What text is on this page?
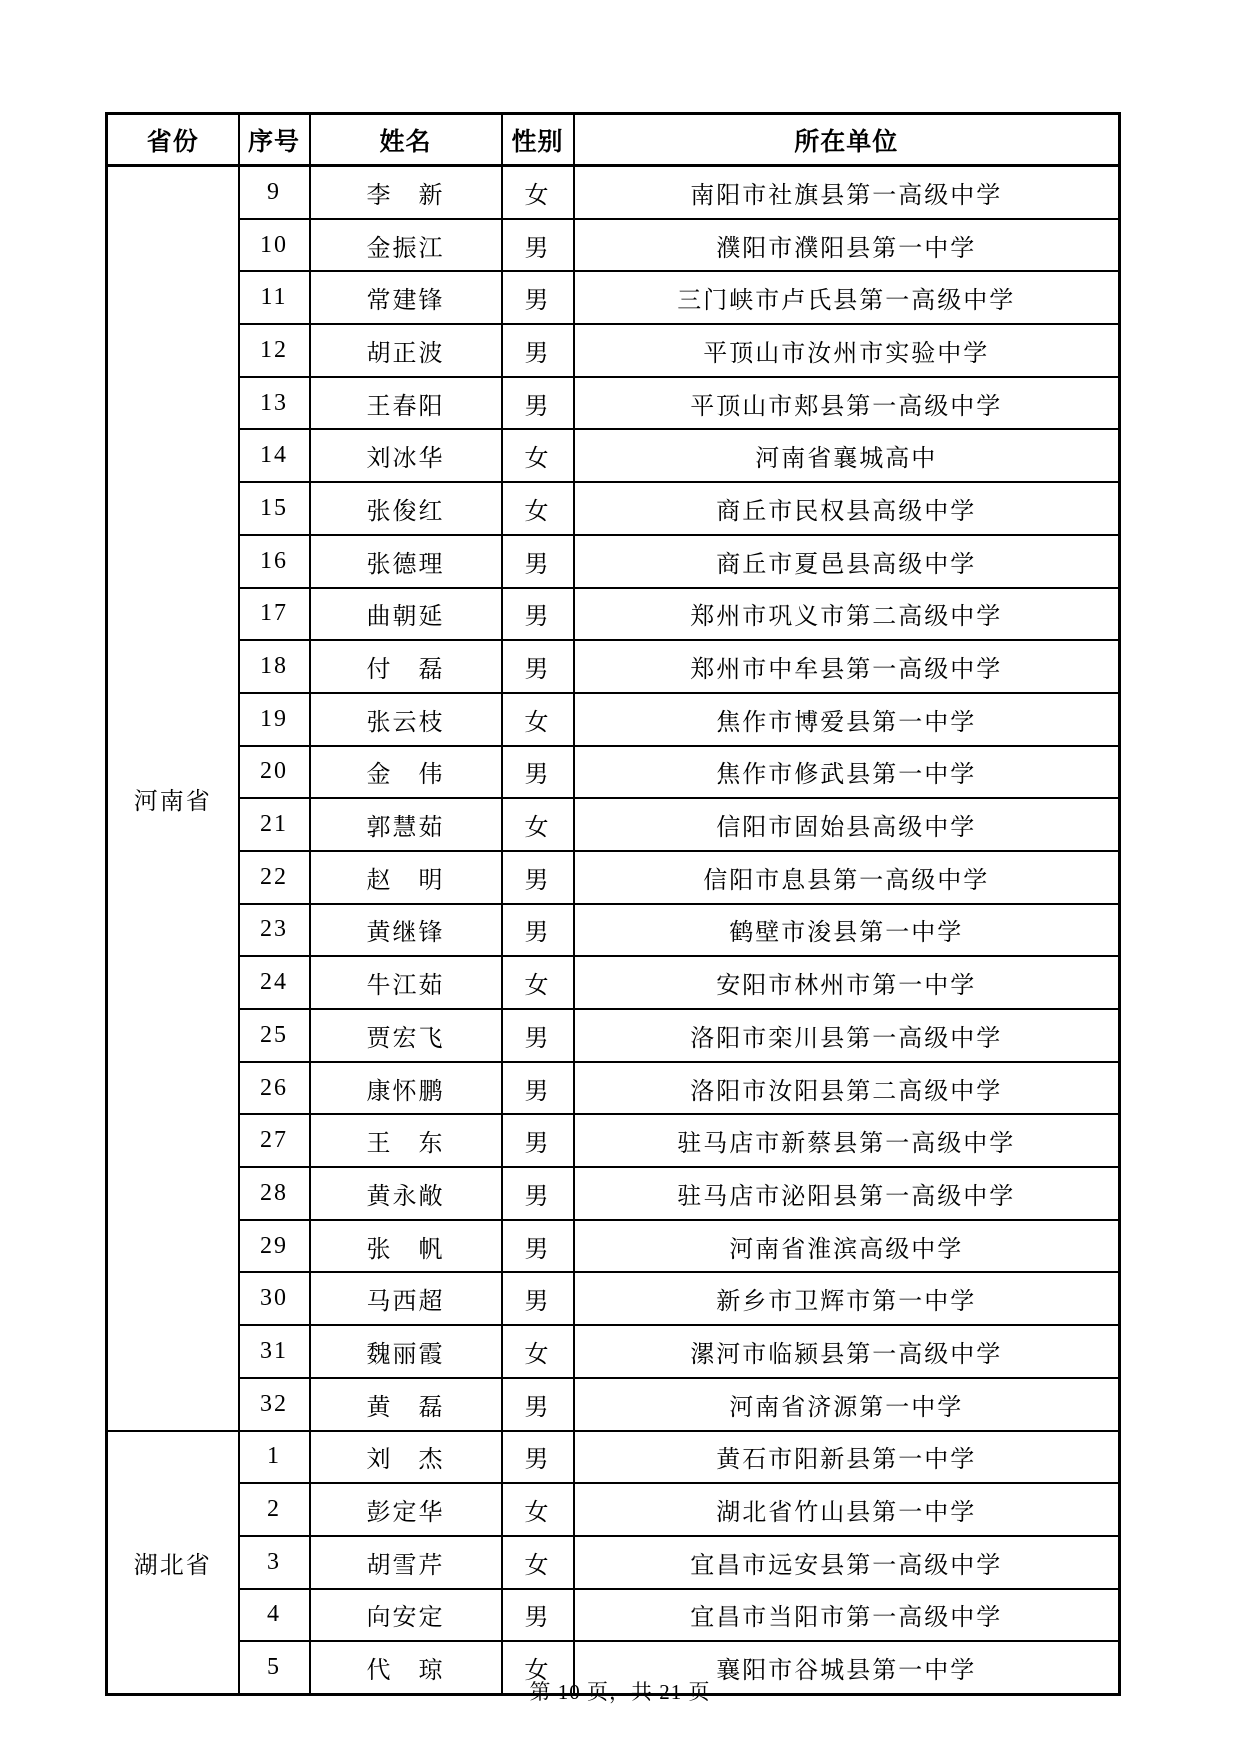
省份	序号	姓名	性别	所在单位
河南省	9	李　新	女	南阳市社旗县第一高级中学
	10	金振江	男	濮阳市濮阳县第一中学
	11	常建锋	男	三门峡市卢氏县第一高级中学
	12	胡正波	男	平顶山市汝州市实验中学
	13	王春阳	男	平顶山市郏县第一高级中学
	14	刘冰华	女	河南省襄城高中
	15	张俊红	女	商丘市民权县高级中学
	16	张德理	男	商丘市夏邑县高级中学
	17	曲朝延	男	郑州市巩义市第二高级中学
	18	付　磊	男	郑州市中牟县第一高级中学
	19	张云枝	女	焦作市博爱县第一中学
	20	金　伟	男	焦作市修武县第一中学
	21	郭慧茹	女	信阳市固始县高级中学
	22	赵　明	男	信阳市息县第一高级中学
	23	黄继锋	男	鹤壁市浚县第一中学
	24	牛江茹	女	安阳市林州市第一中学
	25	贾宏飞	男	洛阳市栾川县第一高级中学
	26	康怀鹏	男	洛阳市汝阳县第二高级中学
	27	王　东	男	驻马店市新蔡县第一高级中学
	28	黄永敞	男	驻马店市泌阳县第一高级中学
	29	张　帆	男	河南省淮滨高级中学
	30	马西超	男	新乡市卫辉市第一中学
	31	魏丽霞	女	漯河市临颍县第一高级中学
	32	黄　磊	男	河南省济源第一中学
湖北省	1	刘　杰	男	黄石市阳新县第一中学
	2	彭定华	女	湖北省竹山县第一中学
	3	胡雪芹	女	宜昌市远安县第一高级中学
	4	向安定	男	宜昌市当阳市第一高级中学
	5	代　琼	女	襄阳市谷城县第一中学
第 10 页，共 21 页
